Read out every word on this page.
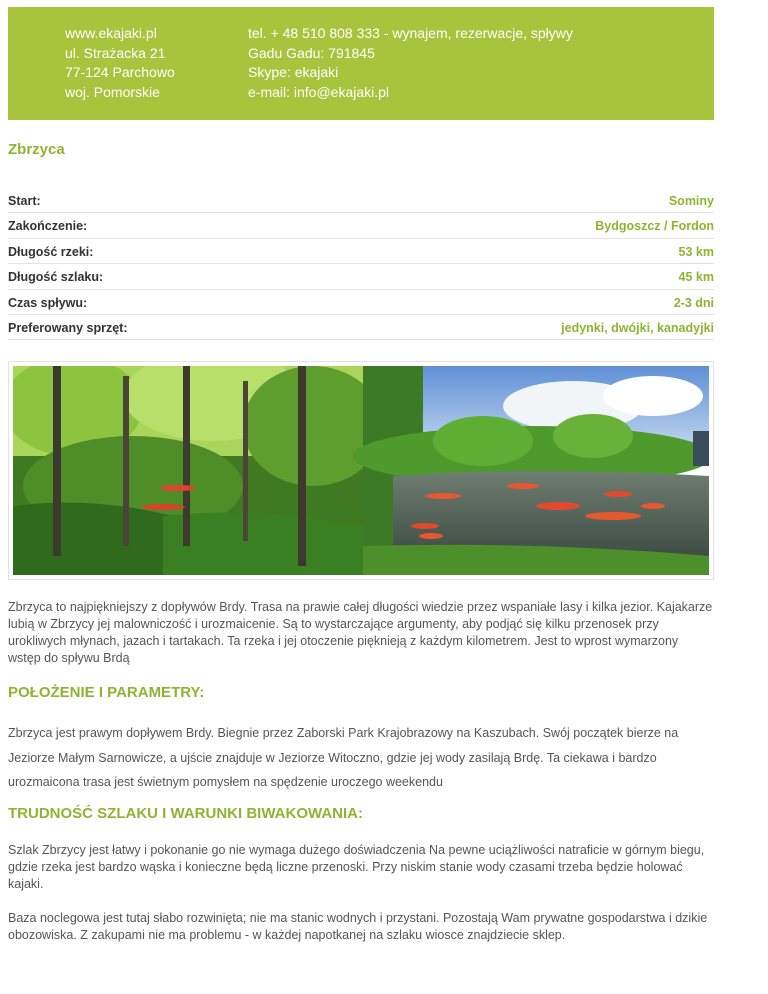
www.ekajaki.pl
ul. Strażacka 21
77-124 Parchowo
woj. Pomorskie
tel. + 48 510 808 333 - wynajem, rezerwacje, spływy
Gadu Gadu: 791845
Skype: ekajaki
e-mail: info@ekajaki.pl
Zbrzyca
Start:	Sominy
Zakończenie:	Bydgoszcz / Fordon
Długość rzeki:	53 km
Długość szlaku:	45 km
Czas spływu:	2-3 dni
Preferowany sprzęt:	jedynki, dwójki, kanadyjki
Zbrzyca to najpiękniejszy z dopływów Brdy. Trasa na prawie całej długości wiedzie przez wspaniałe lasy i kilka jezior. Kajakarze lubią w Zbrzycy jej malowniczość i urozmaicenie. Są to wystarczające argumenty, aby podjąć się kilku przenosek przy urokliwych młynach, jazach i tartakach. Ta rzeka i jej otoczenie pięknieją z każdym kilometrem. Jest to wprost wymarzony wstęp do spływu Brdą
POŁOŻENIE I PARAMETRY:
Zbrzyca jest prawym dopływem Brdy. Biegnie przez Zaborski Park Krajobrazowy na Kaszubach. Swój początek bierze na Jeziorze Małym Sarnowicze, a ujście znajduje w Jeziorze Witoczno, gdzie jej wody zasilają Brdę. Ta ciekawa i bardzo urozmaicona trasa jest świetnym pomysłem na spędzenie uroczego weekendu
TRUDNOŚĆ SZLAKU I WARUNKI BIWAKOWANIA:
Szlak Zbrzycy jest łatwy i pokonanie go nie wymaga dużego doświadczenia Na pewne uciążliwości natraficie w górnym biegu, gdzie rzeka jest bardzo wąska i konieczne będą liczne przenoski. Przy niskim stanie wody czasami trzeba będzie holować kajaki.
Baza noclegowa jest tutaj słabo rozwinięta; nie ma stanic wodnych i przystani. Pozostają Wam prywatne gospodarstwa i dzikie obozowiska. Z zakupami nie ma problemu - w każdej napotkanej na szlaku wiosce znajdziecie sklep.
